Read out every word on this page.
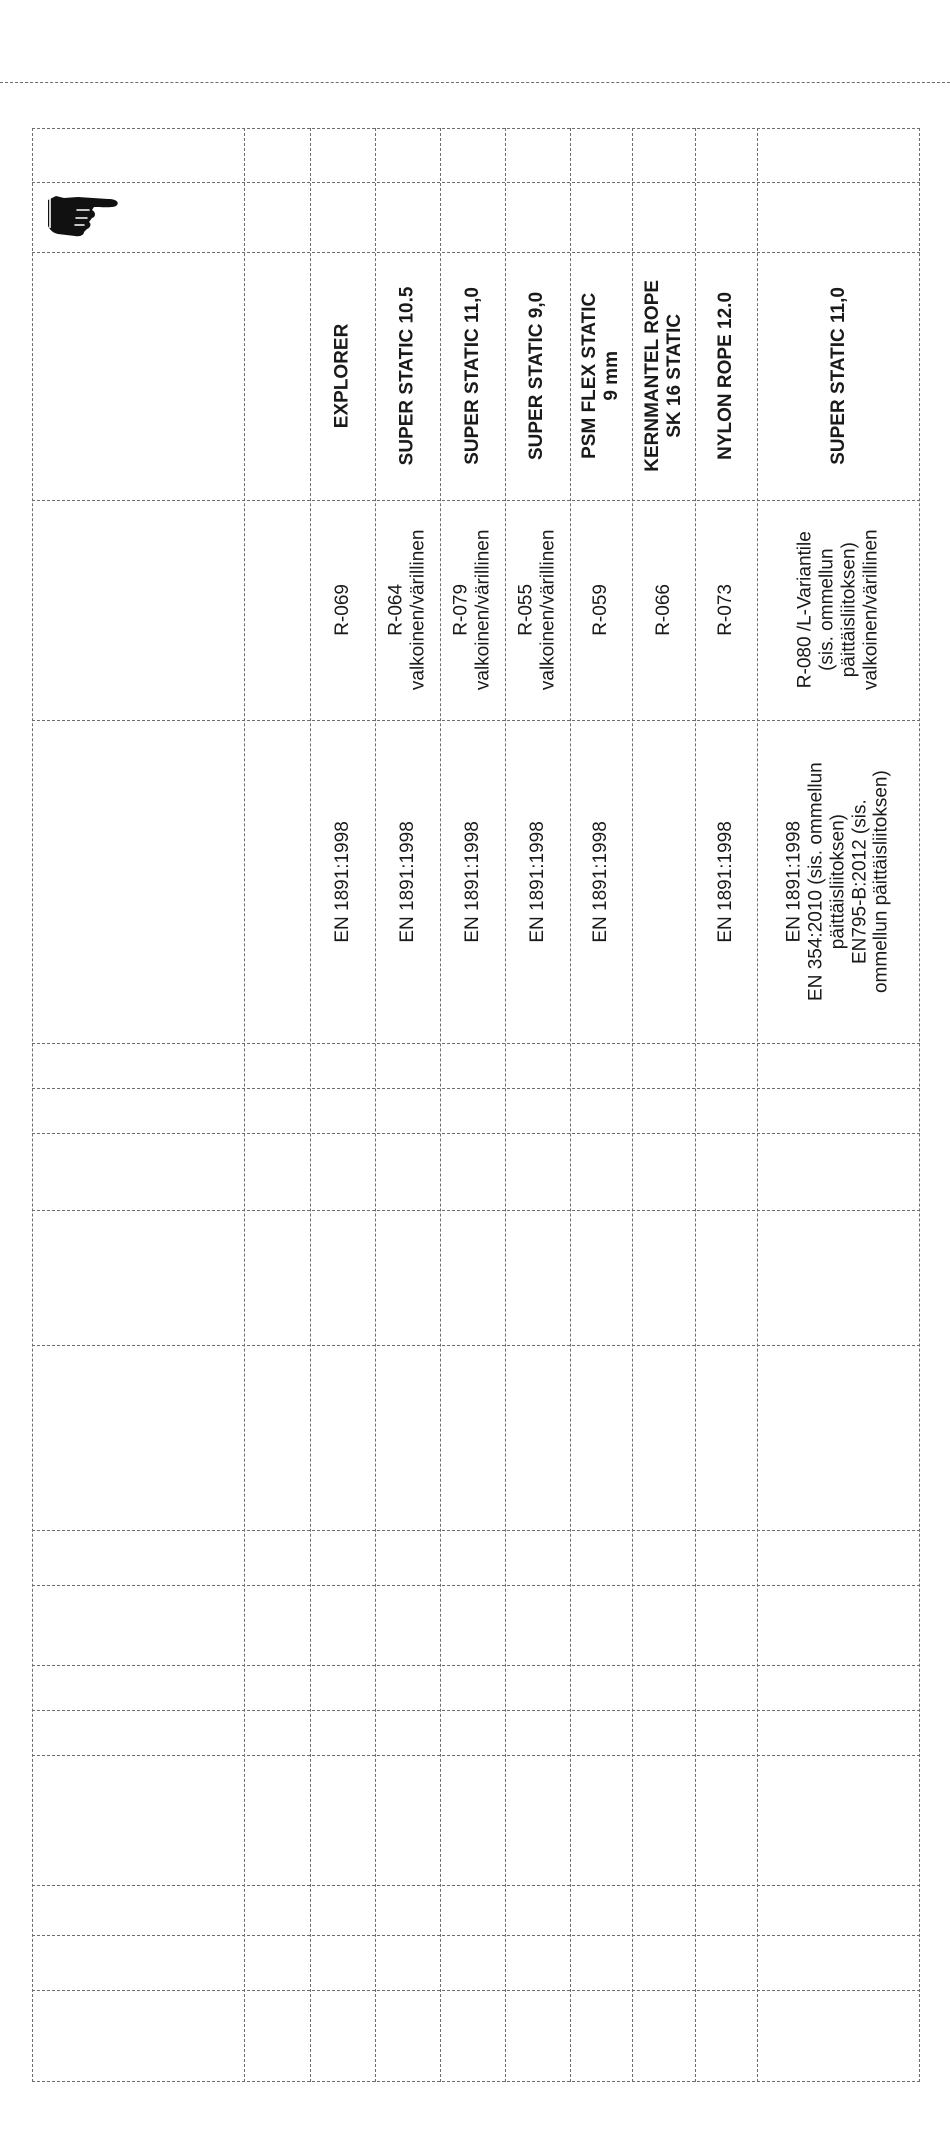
EXPLORER
R-069
EN 1891:1998
SUPER STATIC 10.5
R-064 valkoinen/värillinen
EN 1891:1998
SUPER STATIC 11,0
R-079 valkoinen/värillinen
EN 1891:1998
SUPER STATIC 9,0
R-055 valkoinen/värillinen
EN 1891:1998
PSM FLEX STATIC 9 mm
R-059
EN 1891:1998
KERNMANTEL ROPE SK 16 STATIC
R-066
NYLON ROPE 12.0
R-073
EN 1891:1998
SUPER STATIC 11,0
R-080 /L-Variantile (sis. ommellun päittäisliitoksen) valkoinen/värillinen
EN 1891:1998 EN 354:2010 (sis. ommellun päittäisliitoksen) EN795-B:2012 (sis. ommellun päittäisliitoksen)
